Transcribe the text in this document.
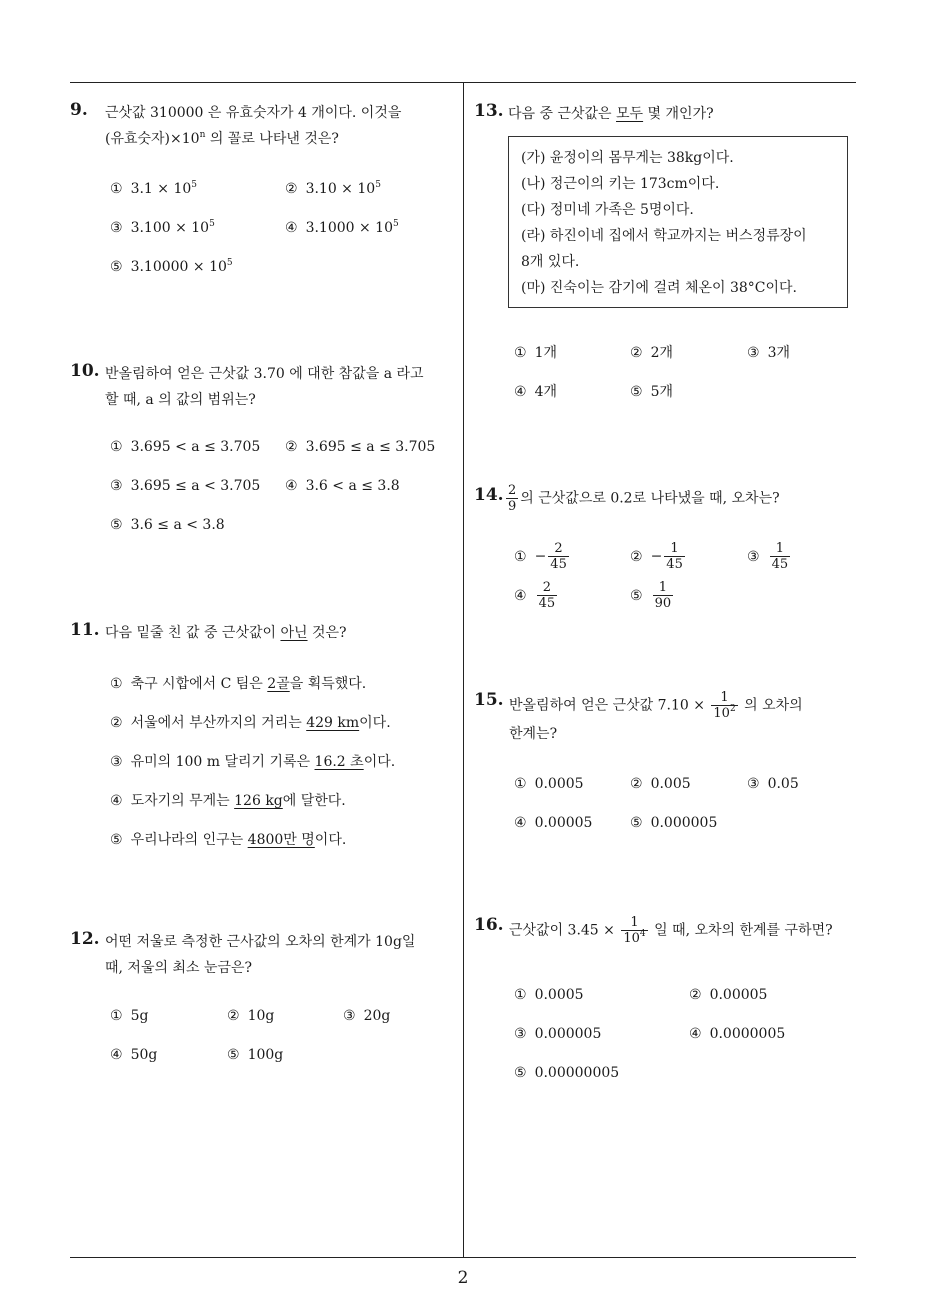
2
9. 근삿값 310000 은 유효숫자가 4 개이다. 이것을
(유효숫자)$\times 10^n$ 의 꼴로 나타낸 것은?
① $3.1 \times 10^5$	② $3.10 \times 10^5$
③ $3.100 \times 10^5$	④ $3.1000 \times 10^5$
⑤ $3.10000 \times 10^5$
10. 반올림하여 얻은 근삿값 3.70 에 대한 참값을 a 라고
할 때, a 의 값의 범위는?
① 3.695 < a ≤ 3.705 ② 3.695 ≤ a ≤ 3.705
③ 3.695 ≤ a < 3.705 ④ 3.6 < a ≤ 3.8
⑤ 3.6 ≤ a < 3.8
11. 다음 밑줄 친 값 중 근삿값이 아닌 것은?
① 축구 시합에서 C 팀은 2골을 획득했다.
② 서울에서 부산까지의 거리는 429 km이다.
③ 유미의 100 m 달리기 기록은 16.2 초이다.
④ 도자기의 무게는 126 kg에 달한다.
⑤ 우리나라의 인구는 4800만 명이다.
12. 어떤 저울로 측정한 근사값의 오차의 한계가 10g일
때, 저울의 최소 눈금은?
① 5g	② 10g	③ 20g
④ 50g	⑤ 100g
13. 다음 중 근삿값은 모두 몇 개인가?
(가) 윤정이의 몸무게는 38kg이다.
(나) 정근이의 키는 173cm이다.
(다) 정미네 가족은 5명이다.
(라) 하진이네 집에서 학교까지는 버스정류장이
8개 있다.
(마) 진숙이는 감기에 걸려 체온이 38°C이다.
① 1개	② 2개	③ 3개
④ 4개	⑤ 5개
14. $\frac{2}{9}$ 의 근삿값으로 0.2로 나타냈을 때, 오차는?
① − $\frac{2}{45}$	② − $\frac{1}{45}$	③ $\frac{1}{45}$
④ $\frac{2}{45}$	⑤ $\frac{1}{90}$
15. 반올림하여 얻은 근삿값 $7.10 \times \frac{1}{10^2}$ 의 오차의
한계는?
① 0.0005	② 0.005	③ 0.05
④ 0.00005	⑤ 0.000005
16. 근삿값이 $3.45 \times \frac{1}{10^4}$ 일 때, 오차의 한계를 구하면?
① 0.0005	② 0.00005
③ 0.000005	④ 0.0000005
⑤ 0.00000005
